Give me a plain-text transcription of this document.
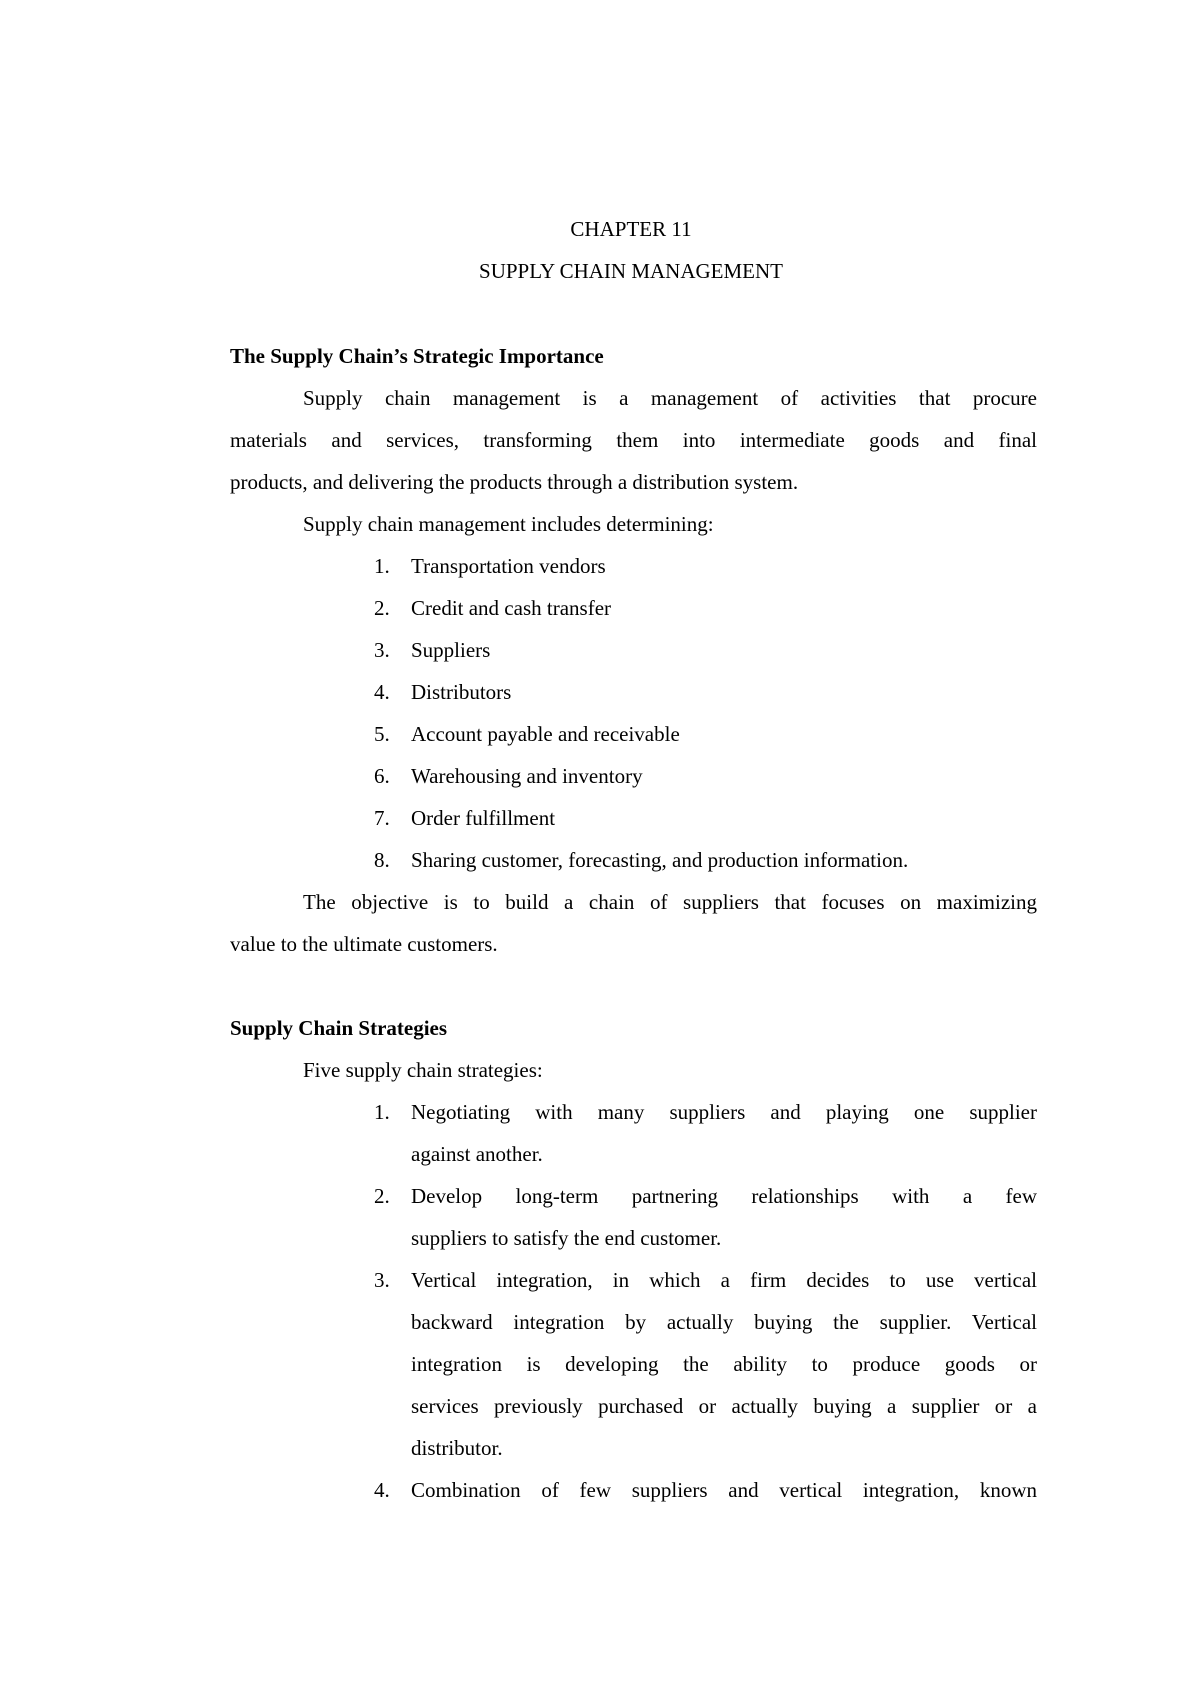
CHAPTER 11
SUPPLY CHAIN MANAGEMENT
The Supply Chain’s Strategic Importance
Supply chain management is a management of activities that procure
materials and services, transforming them into intermediate goods and final
products, and delivering the products through a distribution system.
Supply chain management includes determining:
1. Transportation vendors
2. Credit and cash transfer
3. Suppliers
4. Distributors
5. Account payable and receivable
6. Warehousing and inventory
7. Order fulfillment
8. Sharing customer, forecasting, and production information.
The objective is to build a chain of suppliers that focuses on maximizing
value to the ultimate customers.
Supply Chain Strategies
Five supply chain strategies:
1. Negotiating with many suppliers and playing one supplier
against another.
2. Develop long-term partnering relationships with a few
suppliers to satisfy the end customer.
3. Vertical integration, in which a firm decides to use vertical
backward integration by actually buying the supplier. Vertical
integration is developing the ability to produce goods or
services previously purchased or actually buying a supplier or a
distributor.
4. Combination of few suppliers and vertical integration, known
